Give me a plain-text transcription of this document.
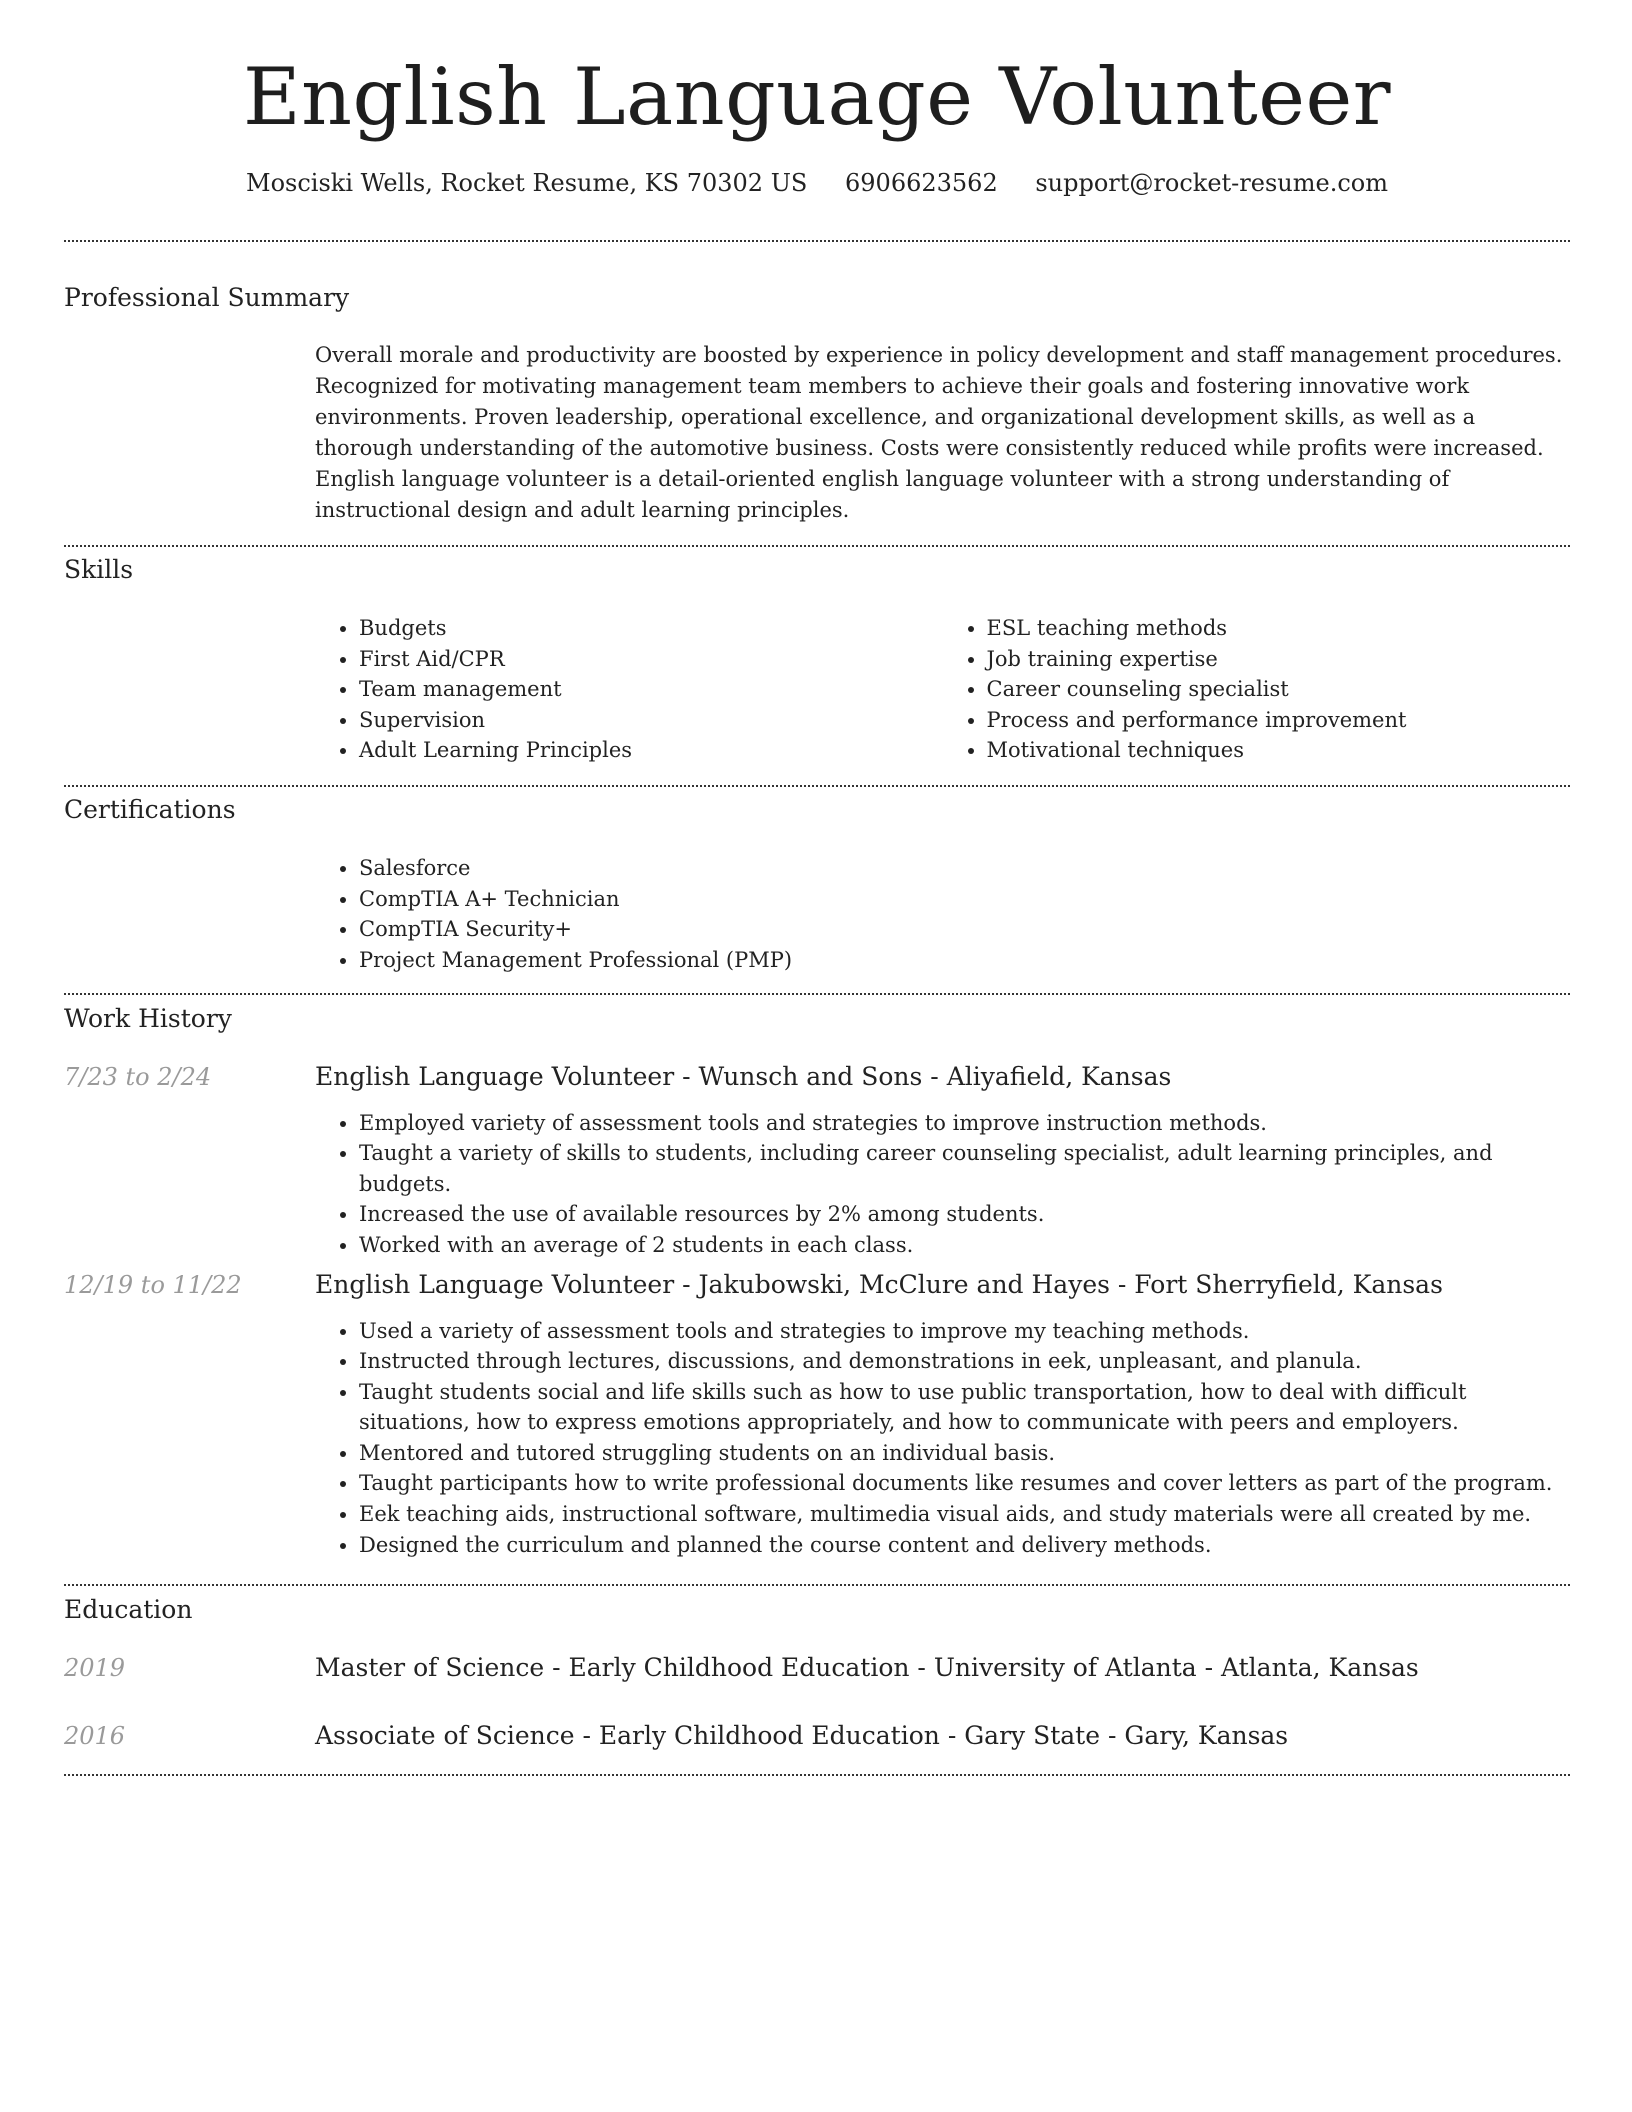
English Language Volunteer
Mosciski Wells, Rocket Resume, KS 70302 US 6906623562 support@rocket-resume.com
Professional Summary

Overall morale and productivity are boosted by experience in policy development and staff management procedures. Recognized for motivating management team members to achieve their goals and fostering innovative work environments. Proven leadership, operational excellence, and organizational development skills, as well as a thorough understanding of the automotive business. Costs were consistently reduced while profits were increased. English language volunteer is a detail-oriented english language volunteer with a strong understanding of instructional design and adult learning principles.

Skills
• Budgets
• First Aid/CPR
• Team management
• Supervision
• Adult Learning Principles
• ESL teaching methods
• Job training expertise
• Career counseling specialist
• Process and performance improvement
• Motivational techniques
Certifications
• Salesforce
• CompTIA A+ Technician
• CompTIA Security+
• Project Management Professional (PMP)
Work History
7/23 to 2/24	English Language Volunteer - Wunsch and Sons - Aliyafield, Kansas
• Employed variety of assessment tools and strategies to improve instruction methods.
• Taught a variety of skills to students, including career counseling specialist, adult learning principles, and budgets.
• Increased the use of available resources by 2% among students.
• Worked with an average of 2 students in each class.
12/19 to 11/22	English Language Volunteer - Jakubowski, McClure and Hayes - Fort Sherryfield, Kansas
• Used a variety of assessment tools and strategies to improve my teaching methods.
• Instructed through lectures, discussions, and demonstrations in eek, unpleasant, and planula.
• Taught students social and life skills such as how to use public transportation, how to deal with difficult situations, how to express emotions appropriately, and how to communicate with peers and employers.
• Mentored and tutored struggling students on an individual basis.
• Taught participants how to write professional documents like resumes and cover letters as part of the program.
• Eek teaching aids, instructional software, multimedia visual aids, and study materials were all created by me.
• Designed the curriculum and planned the course content and delivery methods.
Education
2019	Master of Science - Early Childhood Education - University of Atlanta - Atlanta, Kansas
2016	Associate of Science - Early Childhood Education - Gary State - Gary, Kansas
